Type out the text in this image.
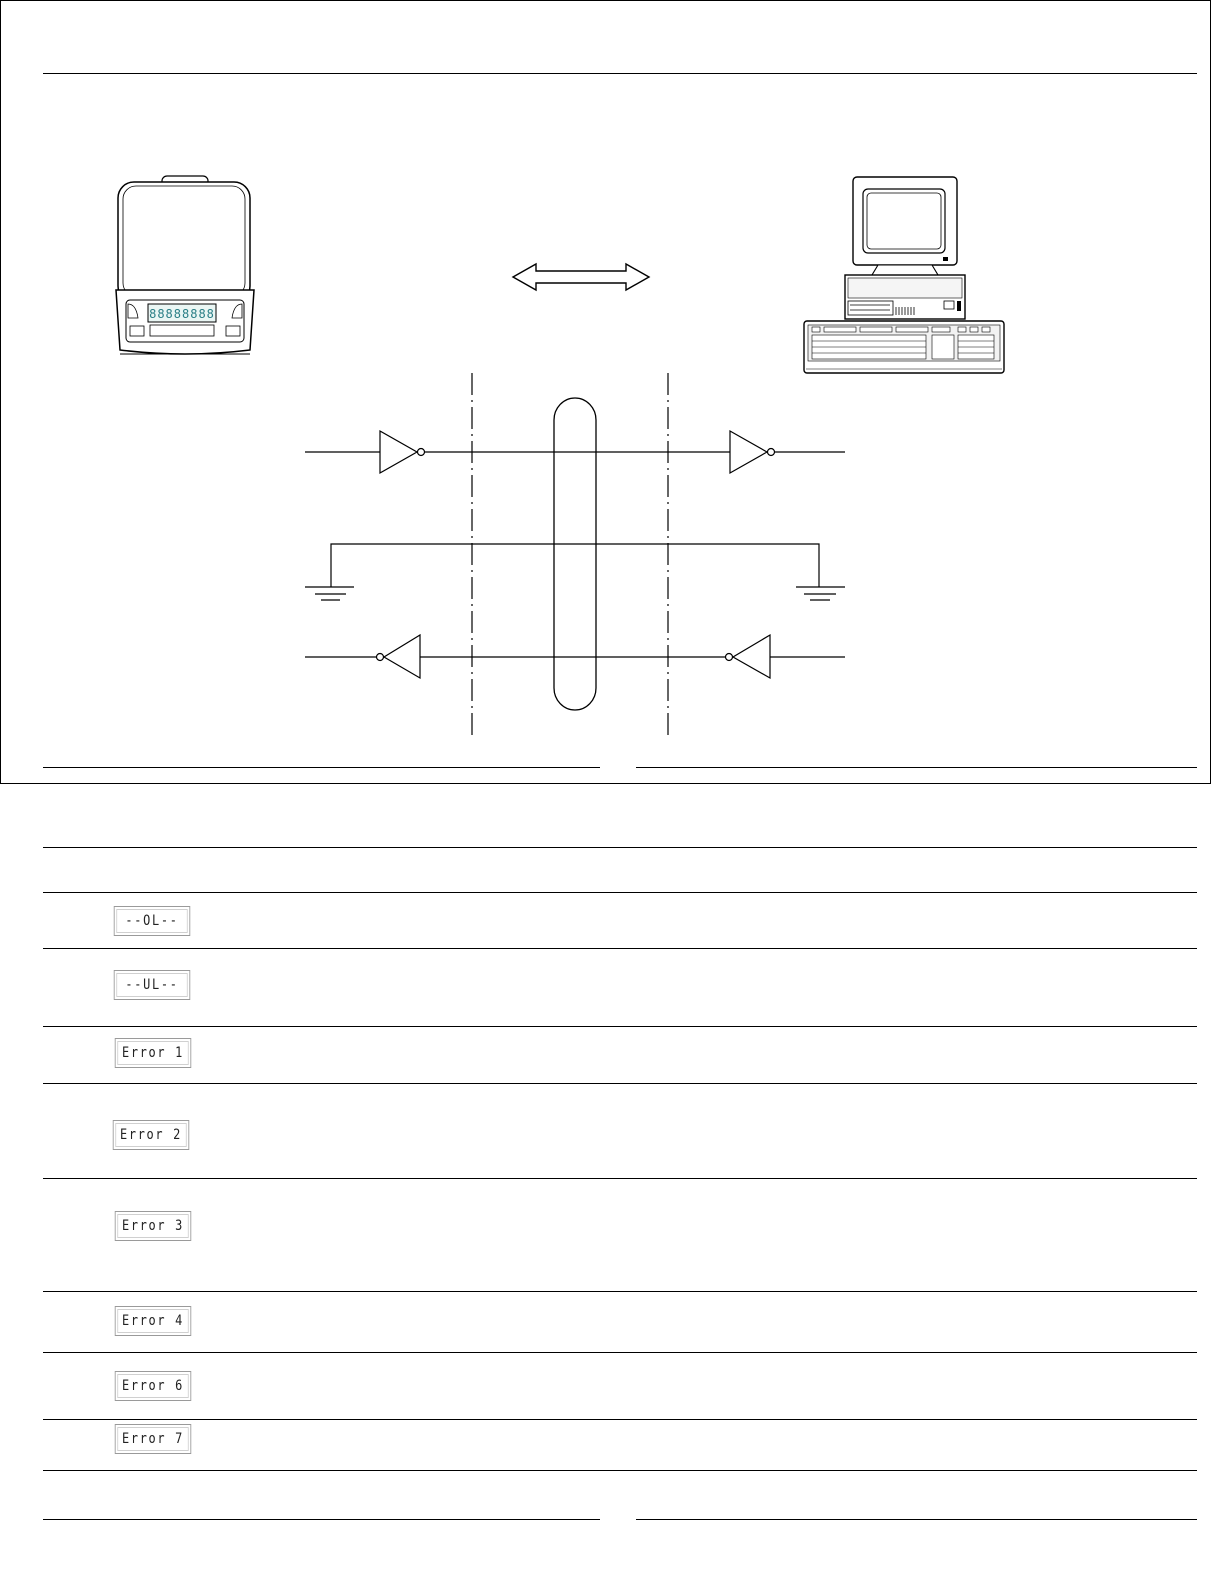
88888888
--OL--
--UL--
Error 1
Error 2
Error 3
Error 4
Error 6
Error 7
